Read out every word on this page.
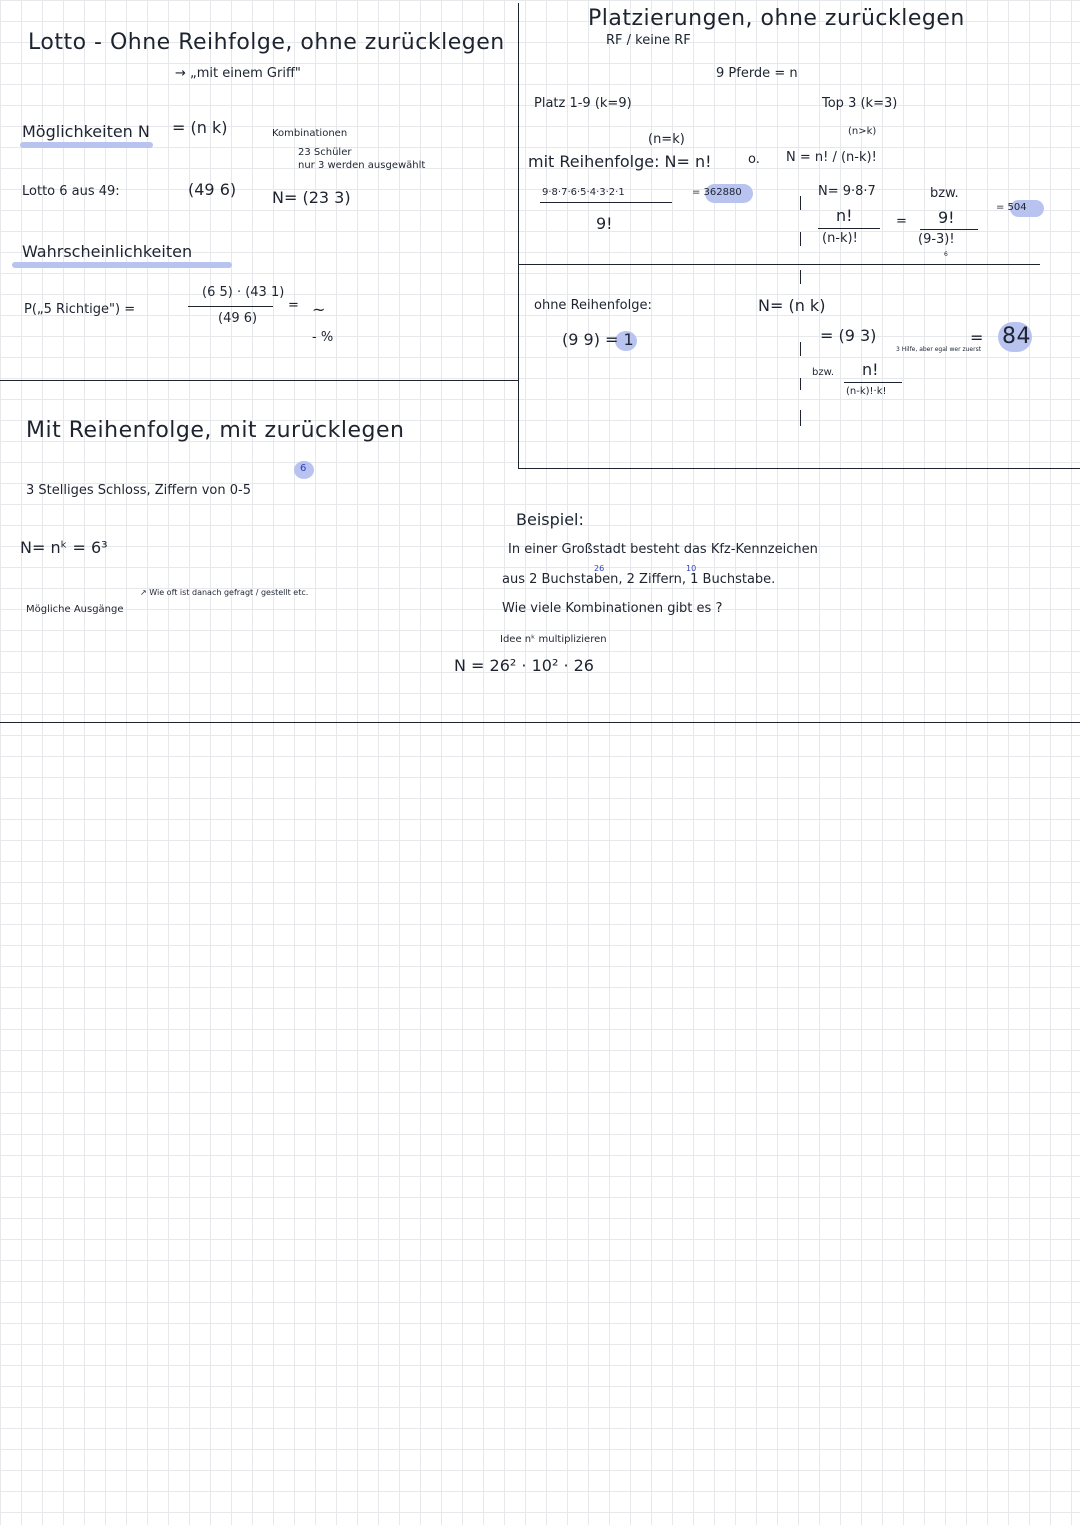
Lotto - Ohne Reihfolge, ohne zurücklegen
→ „mit einem Griff"
Möglichkeiten N = (n k)	Kombinationen
23 Schüler
nur 3 werden ausgewählt
N= (23 3)
Lotto 6 aus 49:	(49 6)
Wahrscheinlichkeiten
P(„5 Richtige") =
(6 5) · (43 1)
(49 6)
= ~
- %
Mit Reihenfolge, mit zurücklegen
6
3 Stelliges Schloss, Ziffern von 0-5
N= nᵏ = 6³
↗ Wie oft ist danach gefragt / gestellt etc.
Mögliche Ausgänge
Platzierungen, ohne zurücklegen
RF / keine RF
9 Pferde = n
Platz 1-9 (k=9)	Top 3 (k=3)
(n=k)
mit Reihenfolge: N= n!
9·8·7·6·5·4·3·2·1	= 362880
9!
o. N = n! / (n-k)!
(n>k)
N= 9·8·7	bzw.
n!
(n-k)!
= 9!
(9-3)!
6
= 504
ohne Reihenfolge:
(9 9) = 1
N= (n k)
= (9 3)
3 Hilfe, aber egal wer zuerst
= 84
bzw. n!
(n-k)!·k!
Beispiel:
In einer Großstadt besteht das Kfz-Kennzeichen
26	10
aus 2 Buchstaben, 2 Ziffern, 1 Buchstabe.
Wie viele Kombinationen gibt es ?
Idee nᵏ multiplizieren
N = 26² · 10² · 26
